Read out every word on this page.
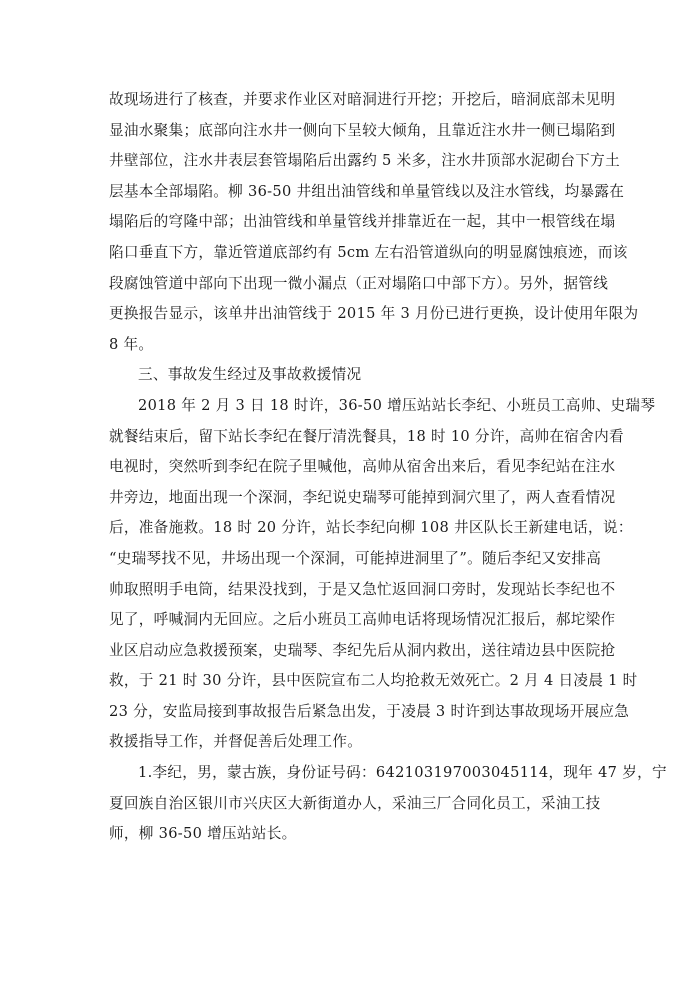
故现场进行了核查，并要求作业区对暗洞进行开挖；开挖后，暗洞底部未见明
显油水聚集；底部向注水井一侧向下呈较大倾角，且靠近注水井一侧已塌陷到
井壁部位，注水井表层套管塌陷后出露约 5 米多，注水井顶部水泥砌台下方土
层基本全部塌陷。柳 36-50 井组出油管线和单量管线以及注水管线，均暴露在
塌陷后的穹隆中部；出油管线和单量管线并排靠近在一起，其中一根管线在塌
陷口垂直下方，靠近管道底部约有 5cm 左右沿管道纵向的明显腐蚀痕迹，而该
段腐蚀管道中部向下出现一微小漏点（正对塌陷口中部下方）。另外，据管线
更换报告显示，该单井出油管线于 2015 年 3 月份已进行更换，设计使用年限为
8 年。

三、事故发生经过及事故救援情况

2018 年 2 月 3 日 18 时许，36-50 增压站站长李纪、小班员工高帅、史瑞琴
就餐结束后，留下站长李纪在餐厅清洗餐具，18 时 10 分许，高帅在宿舍内看
电视时，突然听到李纪在院子里喊他，高帅从宿舍出来后，看见李纪站在注水
井旁边，地面出现一个深洞，李纪说史瑞琴可能掉到洞穴里了，两人查看情况
后，准备施救。18 时 20 分许，站长李纪向柳 108 井区队长王新建电话，说：
“史瑞琴找不见，井场出现一个深洞，可能掉进洞里了”。随后李纪又安排高
帅取照明手电筒，结果没找到，于是又急忙返回洞口旁时，发现站长李纪也不
见了，呼喊洞内无回应。之后小班员工高帅电话将现场情况汇报后，郝坨梁作
业区启动应急救援预案，史瑞琴、李纪先后从洞内救出，送往靖边县中医院抢
救，于 21 时 30 分许，县中医院宣布二人均抢救无效死亡。2 月 4 日凌晨 1 时
23 分，安监局接到事故报告后紧急出发，于凌晨 3 时许到达事故现场开展应急
救援指导工作，并督促善后处理工作。

1.李纪，男，蒙古族，身份证号码：642103197003045114，现年 47 岁，宁
夏回族自治区银川市兴庆区大新街道办人，采油三厂合同化员工，采油工技
师，柳 36-50 增压站站长。
